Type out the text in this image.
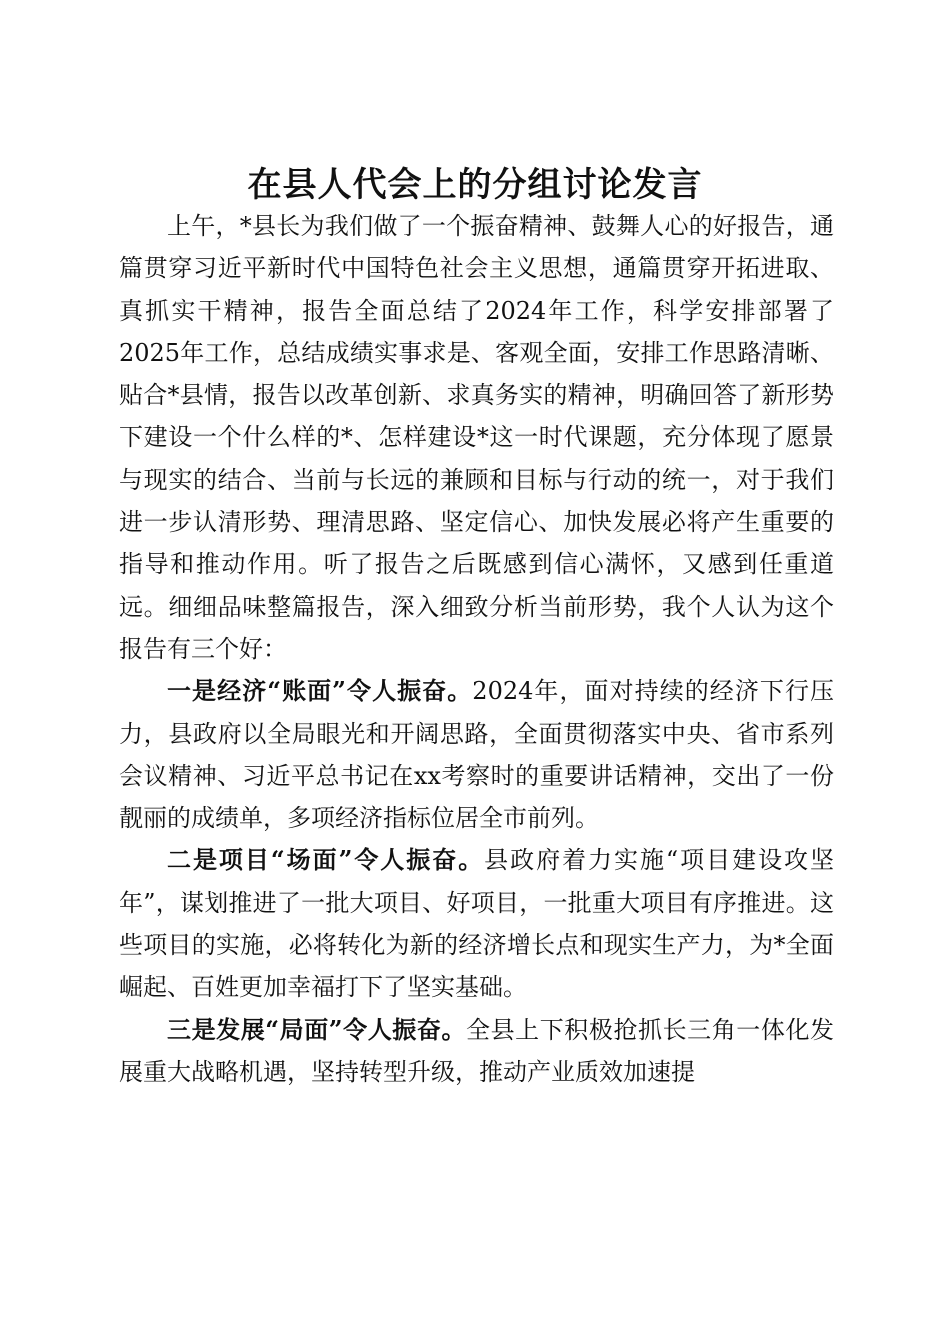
在县人代会上的分组讨论发言

上午，*县长为我们做了一个振奋精神、鼓舞人心的好报告，通篇贯穿习近平新时代中国特色社会主义思想，通篇贯穿开拓进取、真抓实干精神，报告全面总结了2024年工作，科学安排部署了2025年工作，总结成绩实事求是、客观全面，安排工作思路清晰、贴合*县情，报告以改革创新、求真务实的精神，明确回答了新形势下建设一个什么样的*、怎样建设*这一时代课题，充分体现了愿景与现实的结合、当前与长远的兼顾和目标与行动的统一，对于我们进一步认清形势、理清思路、坚定信心、加快发展必将产生重要的指导和推动作用。听了报告之后既感到信心满怀，又感到任重道远。细细品味整篇报告，深入细致分析当前形势，我个人认为这个报告有三个好：

一是经济“账面”令人振奋。2024年，面对持续的经济下行压力，县政府以全局眼光和开阔思路，全面贯彻落实中央、省市系列会议精神、习近平总书记在xx考察时的重要讲话精神，交出了一份靓丽的成绩单，多项经济指标位居全市前列。

二是项目“场面”令人振奋。县政府着力实施“项目建设攻坚年”，谋划推进了一批大项目、好项目，一批重大项目有序推进。这些项目的实施，必将转化为新的经济增长点和现实生产力，为*全面崛起、百姓更加幸福打下了坚实基础。

三是发展“局面”令人振奋。全县上下积极抢抓长三角一体化发展重大战略机遇，坚持转型升级，推动产业质效加速提
